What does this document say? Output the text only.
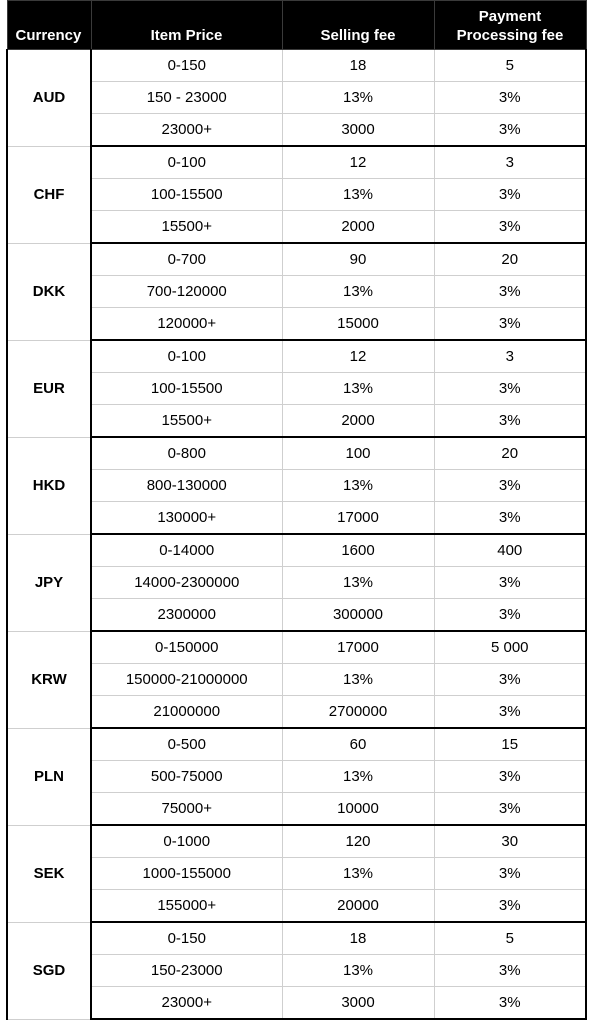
Currency	Item Price	Selling fee	Payment
Processing fee
AUD	0-150	18	5
	150 - 23000	13%	3%
	23000+	3000	3%
CHF	0-100	12	3
	100-15500	13%	3%
	15500+	2000	3%
DKK	0-700	90	20
	700-120000	13%	3%
	120000+	15000	3%
EUR	0-100	12	3
	100-15500	13%	3%
	15500+	2000	3%
HKD	0-800	100	20
	800-130000	13%	3%
	130000+	17000	3%
JPY	0-14000	1600	400
	14000-2300000	13%	3%
	2300000	300000	3%
KRW	0-150000	17000	5 000
	150000-21000000	13%	3%
	21000000	2700000	3%
PLN	0-500	60	15
	500-75000	13%	3%
	75000+	10000	3%
SEK	0-1000	120	30
	1000-155000	13%	3%
	155000+	20000	3%
SGD	0-150	18	5
	150-23000	13%	3%
	23000+	3000	3%
